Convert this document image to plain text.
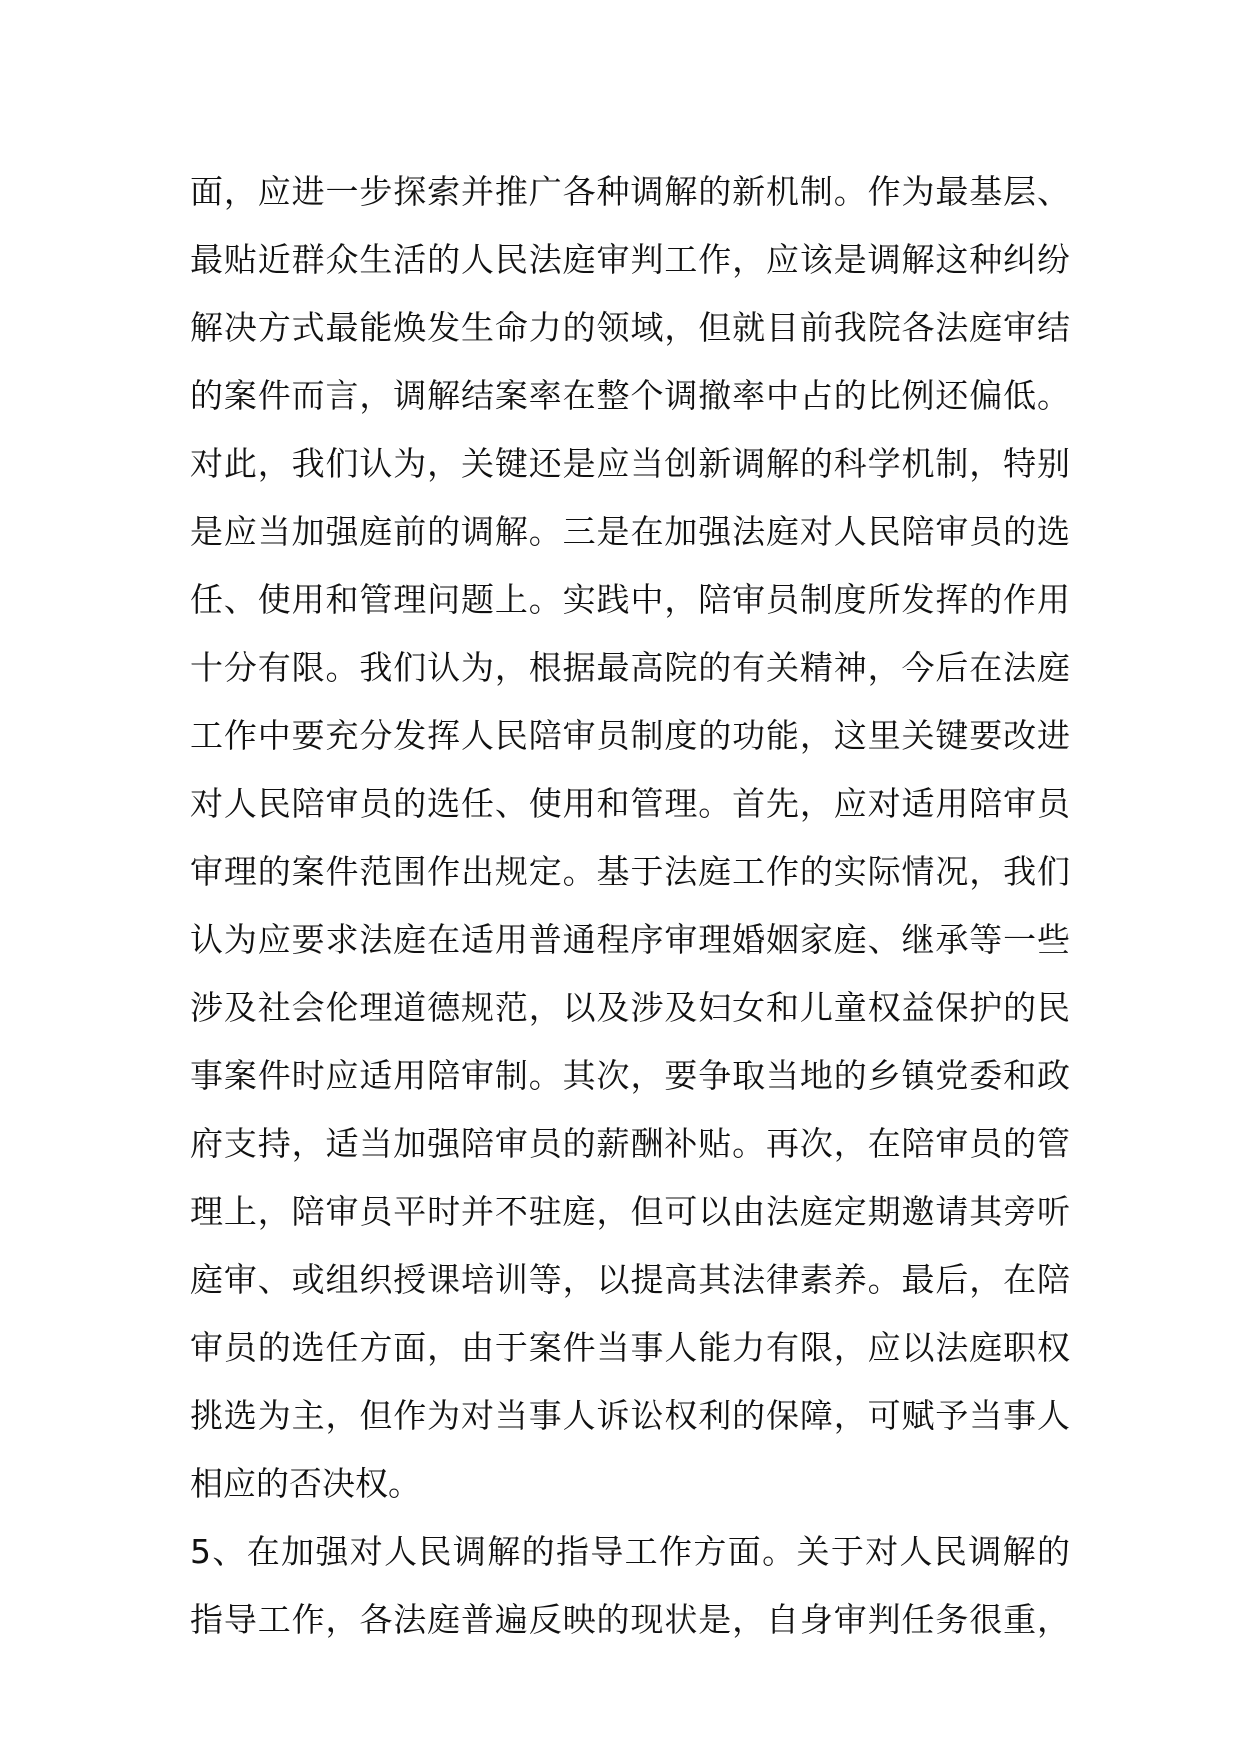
面，应进一步探索并推广各种调解的新机制。作为最基层、

最贴近群众生活的人民法庭审判工作，应该是调解这种纠纷

解决方式最能焕发生命力的领域，但就目前我院各法庭审结

的案件而言，调解结案率在整个调撤率中占的比例还偏低。

对此，我们认为，关键还是应当创新调解的科学机制，特别

是应当加强庭前的调解。三是在加强法庭对人民陪审员的选

任、使用和管理问题上。实践中，陪审员制度所发挥的作用

十分有限。我们认为，根据最高院的有关精神，今后在法庭

工作中要充分发挥人民陪审员制度的功能，这里关键要改进

对人民陪审员的选任、使用和管理。首先，应对适用陪审员

审理的案件范围作出规定。基于法庭工作的实际情况，我们

认为应要求法庭在适用普通程序审理婚姻家庭、继承等一些

涉及社会伦理道德规范，以及涉及妇女和儿童权益保护的民

事案件时应适用陪审制。其次，要争取当地的乡镇党委和政

府支持，适当加强陪审员的薪酬补贴。再次，在陪审员的管

理上，陪审员平时并不驻庭，但可以由法庭定期邀请其旁听

庭审、或组织授课培训等，以提高其法律素养。最后，在陪

审员的选任方面，由于案件当事人能力有限，应以法庭职权

挑选为主，但作为对当事人诉讼权利的保障，可赋予当事人

相应的否决权。

5、在加强对人民调解的指导工作方面。关于对人民调解的

指导工作，各法庭普遍反映的现状是，自身审判任务很重，
